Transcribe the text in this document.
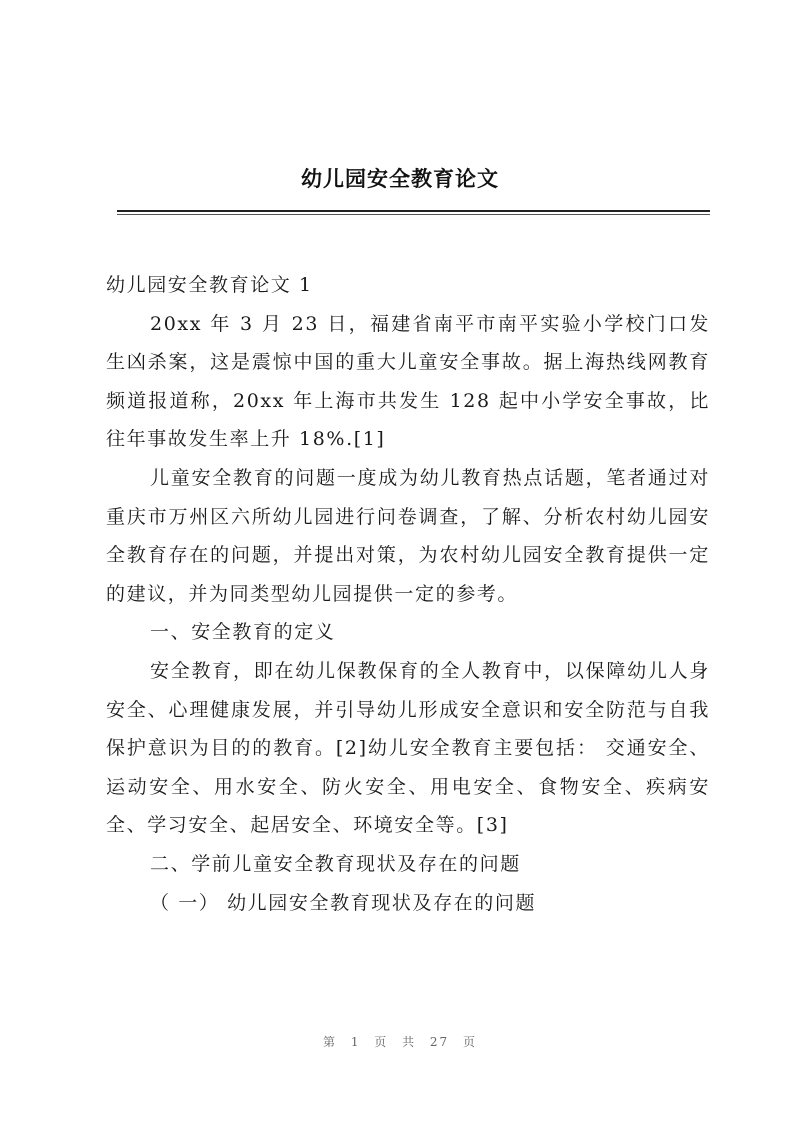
幼儿园安全教育论文

幼儿园安全教育论文 1

20xx 年 3 月 23 日，福建省南平市南平实验小学校门口发生凶杀案，这是震惊中国的重大儿童安全事故。据上海热线网教育频道报道称，20xx 年上海市共发生 128 起中小学安全事故，比往年事故发生率上升 18%.[1]

儿童安全教育的问题一度成为幼儿教育热点话题，笔者通过对重庆市万州区六所幼儿园进行问卷调查，了解、分析农村幼儿园安全教育存在的问题，并提出对策，为农村幼儿园安全教育提供一定的建议，并为同类型幼儿园提供一定的参考。

一、安全教育的定义

安全教育，即在幼儿保教保育的全人教育中，以保障幼儿人身安全、心理健康发展，并引导幼儿形成安全意识和安全防范与自我保护意识为目的的教育。[2]幼儿安全教育主要包括： 交通安全、运动安全、用水安全、防火安全、用电安全、食物安全、疾病安全、学习安全、起居安全、环境安全等。[3]

二、学前儿童安全教育现状及存在的问题

（ 一） 幼儿园安全教育现状及存在的问题

第 1 页 共 27 页
